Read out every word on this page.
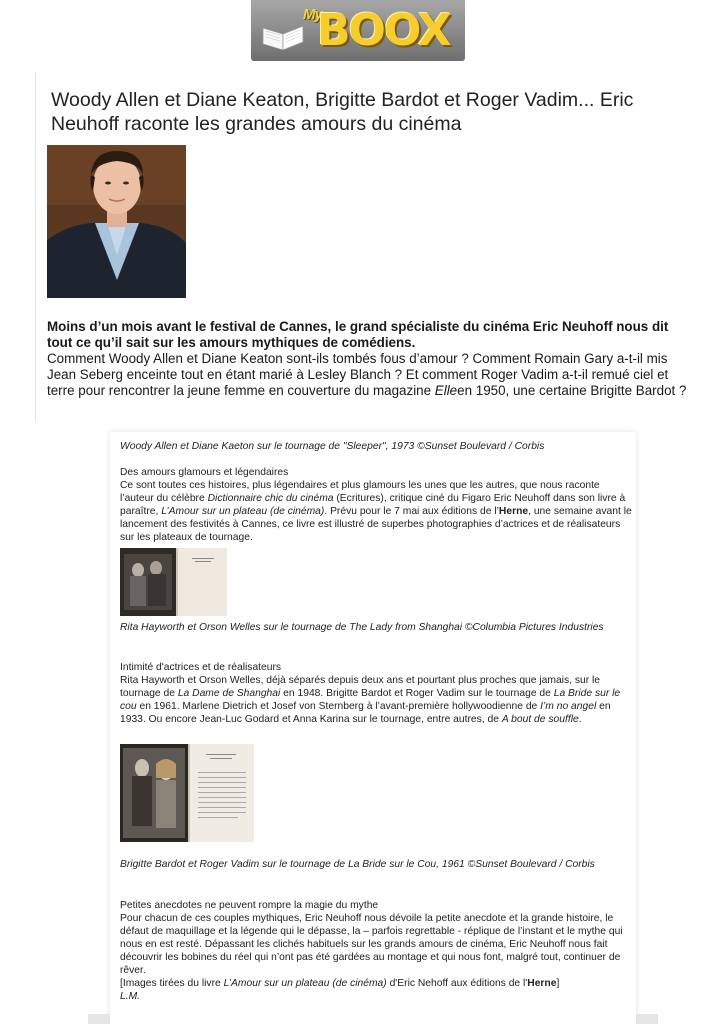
My
BOOX
Woody Allen et Diane Keaton, Brigitte Bardot et Roger Vadim... Eric Neuhoff raconte les grandes amours du cinéma

Moins d’un mois avant le festival de Cannes, le grand spécialiste du cinéma Eric Neuhoff nous dit tout ce qu’il sait sur les amours mythiques de comédiens.
Comment Woody Allen et Diane Keaton sont-ils tombés fous d’amour ? Comment Romain Gary a-t-il mis Jean Seberg enceinte tout en étant marié à Lesley Blanch ? Et comment Roger Vadim a-t-il remué ciel et terre pour rencontrer la jeune femme en couverture du magazine Elleen 1950, une certaine Brigitte Bardot ?

Woody Allen et Diane Kaeton sur le tournage de "Sleeper", 1973 ©Sunset Boulevard / Corbis
Des amours glamours et légendaires
Ce sont toutes ces histoires, plus légendaires et plus glamours les unes que les autres, que nous raconte l’auteur du célèbre Dictionnaire chic du cinéma (Ecritures), critique ciné du Figaro Eric Neuhoff dans son livre à paraître, L’Amour sur un plateau (de cinéma). Prévu pour le 7 mai aux éditions de l’Herne, une semaine avant le lancement des festivités à Cannes, ce livre est illustré de superbes photographies d’actrices et de réalisateurs sur les plateaux de tournage.
Rita Hayworth et Orson Welles sur le tournage de The Lady from Shanghai ©Columbia Pictures Industries
Intimité d'actrices et de réalisateurs
Rita Hayworth et Orson Welles, déjà séparés depuis deux ans et pourtant plus proches que jamais, sur le tournage de La Dame de Shanghai en 1948. Brigitte Bardot et Roger Vadim sur le tournage de La Bride sur le cou en 1961. Marlene Dietrich et Josef von Sternberg à l’avant-première hollywoodienne de I’m no angel en 1933. Ou encore Jean-Luc Godard et Anna Karina sur le tournage, entre autres, de A bout de souffle.
Brigitte Bardot et Roger Vadim sur le tournage de La Bride sur le Cou, 1961 ©Sunset Boulevard / Corbis
Petites anecdotes ne peuvent rompre la magie du mythe
Pour chacun de ces couples mythiques, Eric Neuhoff nous dévoile la petite anecdote et la grande histoire, le défaut de maquillage et la légende qui le dépasse, la – parfois regrettable - réplique de l’instant et le mythe qui nous en est resté. Dépassant les clichés habituels sur les grands amours de cinéma, Eric Neuhoff nous fait découvrir les bobines du réel qui n’ont pas été gardées au montage et qui nous font, malgré tout, continuer de rêver.
[Images tirées du livre L’Amour sur un plateau (de cinéma) d'Eric Nehoff aux éditions de l'Herne]
L.M.
